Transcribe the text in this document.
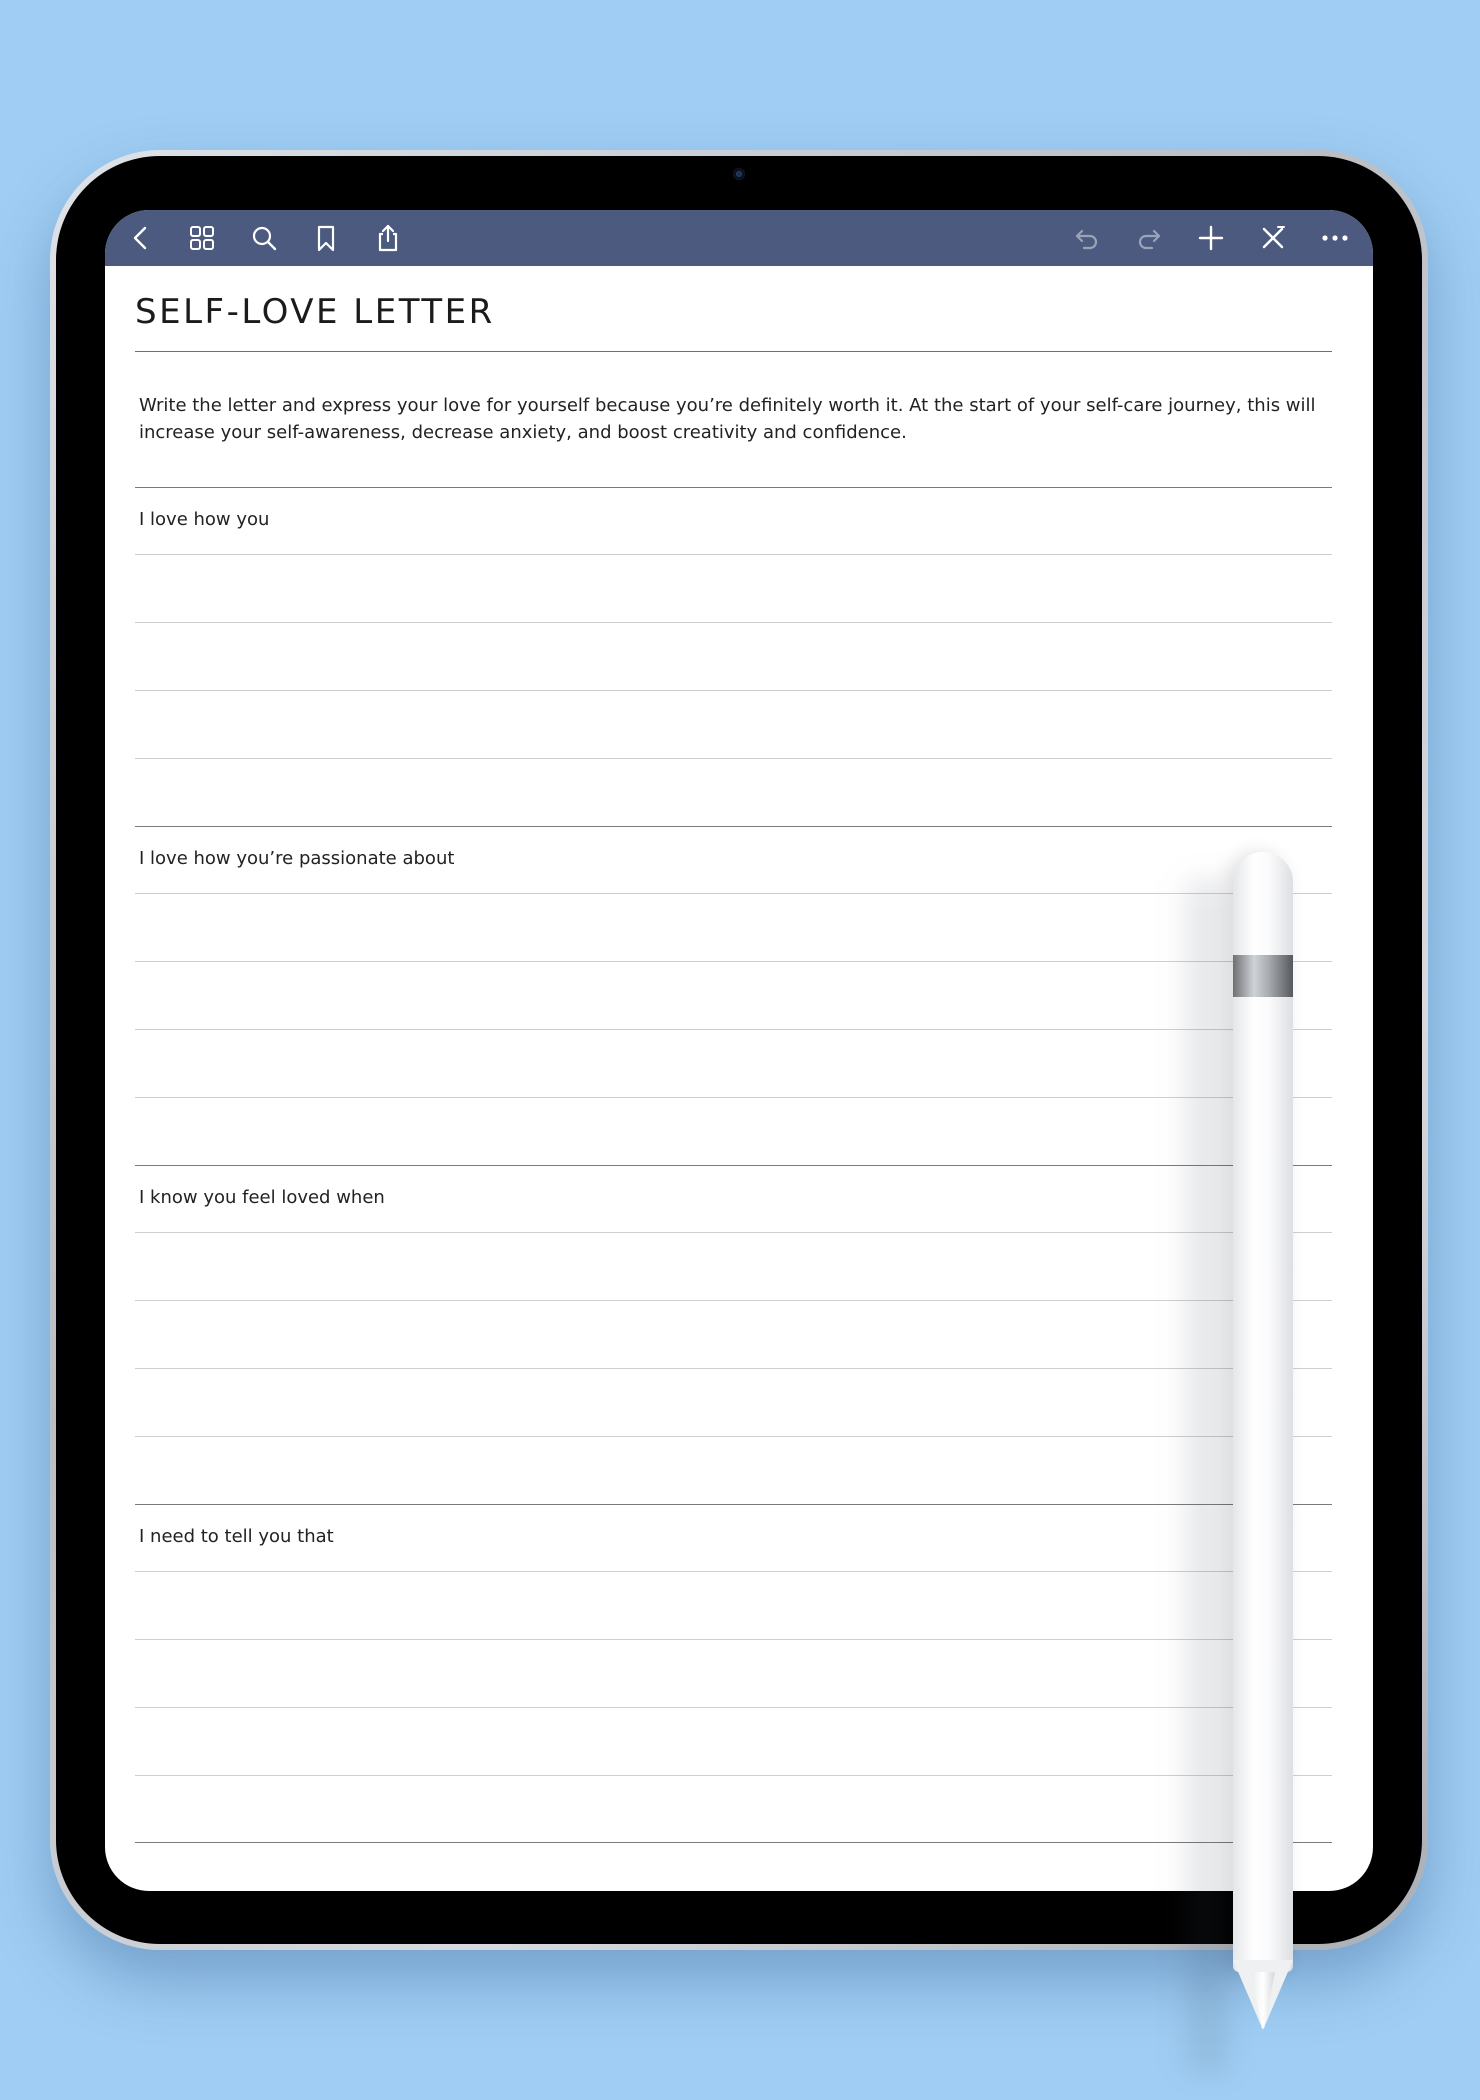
SELF-LOVE LETTER

Write the letter and express your love for yourself because you’re definitely worth it. At the start of your self-care journey, this will increase your self-awareness, decrease anxiety, and boost creativity and confidence.

I love how you

I love how you’re passionate about

I know you feel loved when

I need to tell you that
